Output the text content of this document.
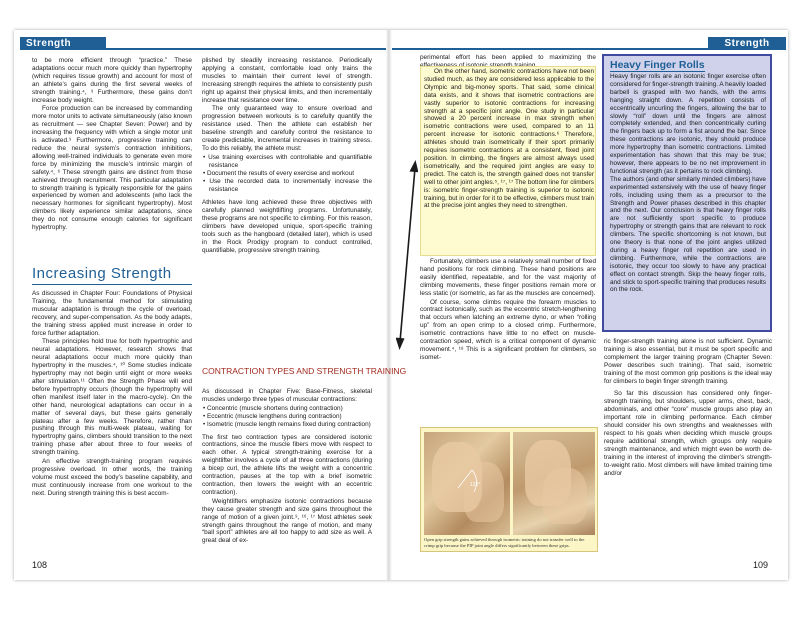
Strength	Strength

to be more efficient through “practice.” These adaptations occur much more quickly than hypertrophy (which requires tissue growth) and account for most of an athlete’s gains during the first several weeks of strength training.⁴, ⁹ Furthermore, these gains don’t increase body weight.

Force production can be increased by commanding more motor units to activate simultaneously (also known as recruitment — see Chapter Seven: Power) and by increasing the frequency with which a single motor unit is activated.⁹ Furthermore, progressive training can reduce the neural system’s contraction inhibitions, allowing well-trained individuals to generate even more force by minimizing the muscle’s intrinsic margin of safety.⁴, ⁶ These strength gains are distinct from those achieved through recruitment. This particular adaptation to strength training is typically responsible for the gains experienced by women and adolescents (who lack the necessary hormones for significant hypertrophy). Most climbers likely experience similar adaptations, since they do not consume enough calories for significant hypertrophy.

Increasing Strength

As discussed in Chapter Four: Foundations of Physical Training, the fundamental method for stimulating muscular adaptation is through the cycle of overload, recovery, and super-compensation. As the body adapts, the training stress applied must increase in order to force further adaptation.

These principles hold true for both hypertrophic and neural adaptations. However, research shows that neural adaptations occur much more quickly than hypertrophy in the muscles.⁴, ¹⁰ Some studies indicate hypertrophy may not begin until eight or more weeks after stimulation.¹¹ Often the Strength Phase will end before hypertrophy occurs (though the hypertrophy will often manifest itself later in the macro-cycle). On the other hand, neurological adaptations can occur in a matter of several days, but these gains generally plateau after a few weeks. Therefore, rather than pushing through this multi-week plateau, waiting for hypertrophy gains, climbers should transition to the next training phase after about three to four weeks of strength training.

An effective strength-training program requires progressive overload. In other words, the training volume must exceed the body’s baseline capability, and must continuously increase from one workout to the next. During strength training this is best accom-

plished by steadily increasing resistance. Periodically applying a constant, comfortable load only trains the muscles to maintain their current level of strength. Increasing strength requires the athlete to consistently push right up against their physical limits, and then incrementally increase that resistance over time.

The only guaranteed way to ensure overload and progression between workouts is to carefully quantify the resistance used. Then the athlete can establish her baseline strength and carefully control the resistance to create predictable, incremental increases in training stress. To do this reliably, the athlete must:

• Use training exercises with controllable and quantifiable resistance
• Document the results of every exercise and workout
• Use the recorded data to incrementally increase the resistance

Athletes have long achieved these three objectives with carefully planned weightlifting programs. Unfortunately, these programs are not specific to climbing. For this reason, climbers have developed unique, sport-specific training tools such as the hangboard (detailed later), which is used in the Rock Prodigy program to conduct controlled, quantifiable, progressive strength training.

CONTRACTION TYPES AND STRENGTH TRAINING

As discussed in Chapter Five: Base-Fitness, skeletal muscles undergo three types of muscular contractions:

• Concentric (muscle shortens during contraction)
• Eccentric (muscle lengthens during contraction)
• Isometric (muscle length remains fixed during contraction)

The first two contraction types are considered isotonic contractions, since the muscle fibers move with respect to each other. A typical strength-training exercise for a weightlifter involves a cycle of all three contractions (during a bicep curl, the athlete lifts the weight with a concentric contraction, pauses at the top with a brief isometric contraction, then lowers the weight with an eccentric contraction).

Weightlifters emphasize isotonic contractions because they cause greater strength and size gains throughout the range of motion of a given joint.⁹, ¹⁶, ¹⁷ Most athletes seek strength gains throughout the range of motion, and many “ball sport” athletes are all too happy to add size as well. A great deal of ex-

108

perimental effort has been applied to maximizing the

On the other hand, isometric contractions have not been studied much, as they are considered less applicable to the Olympic and big-money sports. That said, some clinical data exists, and it shows that isometric contractions are vastly superior to isotonic contractions for increasing strength at a specific joint angle. One study in particular showed a 20 percent increase in max strength when isometric contractions were used, compared to an 11 percent increase for isotonic contractions.⁶ Therefore, athletes should train isometrically if their sport primarily requires isometric contractions at a consistent, fixed joint position. In climbing, the fingers are almost always used isometrically, and the required joint angles are easy to predict. The catch is, the strength gained does not transfer well to other joint angles.⁵, ¹⁷, ¹⁷ The bottom line for climbers is: isometric finger-strength training is superior to isotonic training, but in order for it to be effective, climbers must train at the precise joint angles they need to strengthen.

Fortunately, climbers use a relatively small number of fixed hand positions for rock climbing. These hand positions are easily identified, repeatable, and for the vast majority of climbing movements, these finger positions remain more or less static (or isometric, as far as the muscles are concerned).

Of course, some climbs require the forearm muscles to contract isotonically, such as the eccentric stretch-lengthening that occurs when latching an extreme dyno, or when “rolling up” from an open crimp to a closed crimp. Furthermore, isometric contractions have little to no effect on muscle-contraction speed, which is a critical component of dynamic movement.⁴, ¹⁸ This is a significant problem for climbers, so isomet-

122°
Open grip strength gains achieved through isometric training do not transfer well to the crimp grip because the PIP joint angle differs significantly between these grips.
Heavy Finger Rolls

Heavy finger rolls are an isotonic finger exercise often considered for finger-strength training. A heavily loaded barbell is grasped with two hands, with the arms hanging straight down. A repetition consists of eccentrically uncurling the fingers, allowing the bar to slowly “roll” down until the fingers are almost completely extended, and then concentrically curling the fingers back up to form a fist around the bar. Since these contractions are isotonic, they should produce more hypertrophy than isometric contractions. Limited experimentation has shown that this may be true; however, there appears to be no net improvement in functional strength (as it pertains to rock climbing).

The authors (and other similarly minded climbers) have experimented extensively with the use of heavy finger rolls, including using them as a precursor to the Strength and Power phases described in this chapter and the next. Our conclusion is that heavy finger rolls are not sufficiently sport specific to produce hypertrophy or strength gains that are relevant to rock climbers. The specific shortcoming is not known, but one theory is that none of the joint angles utilized during a heavy finger roll repetition are used in climbing. Furthermore, while the contractions are isotonic, they occur too slowly to have any practical effect on contact strength. Skip the heavy finger rolls, and stick to sport-specific training that produces results on the rock.

ric finger-strength training alone is not sufficient. Dynamic training is also essential, but it must be sport specific and complement the larger training program (Chapter Seven: Power describes such training). That said, isometric training of the most common grip positions is the ideal way for climbers to begin finger strength training.

So far this discussion has considered only finger-strength training, but shoulders, upper arms, chest, back, abdominals, and other “core” muscle groups also play an important role in climbing performance. Each climber should consider his own strengths and weaknesses with respect to his goals when deciding which muscle groups require additional strength, which groups only require strength maintenance, and which might even be worth de-training in the interest of improving the climber’s strength-to-weight ratio. Most climbers will have limited training time and/or

109
